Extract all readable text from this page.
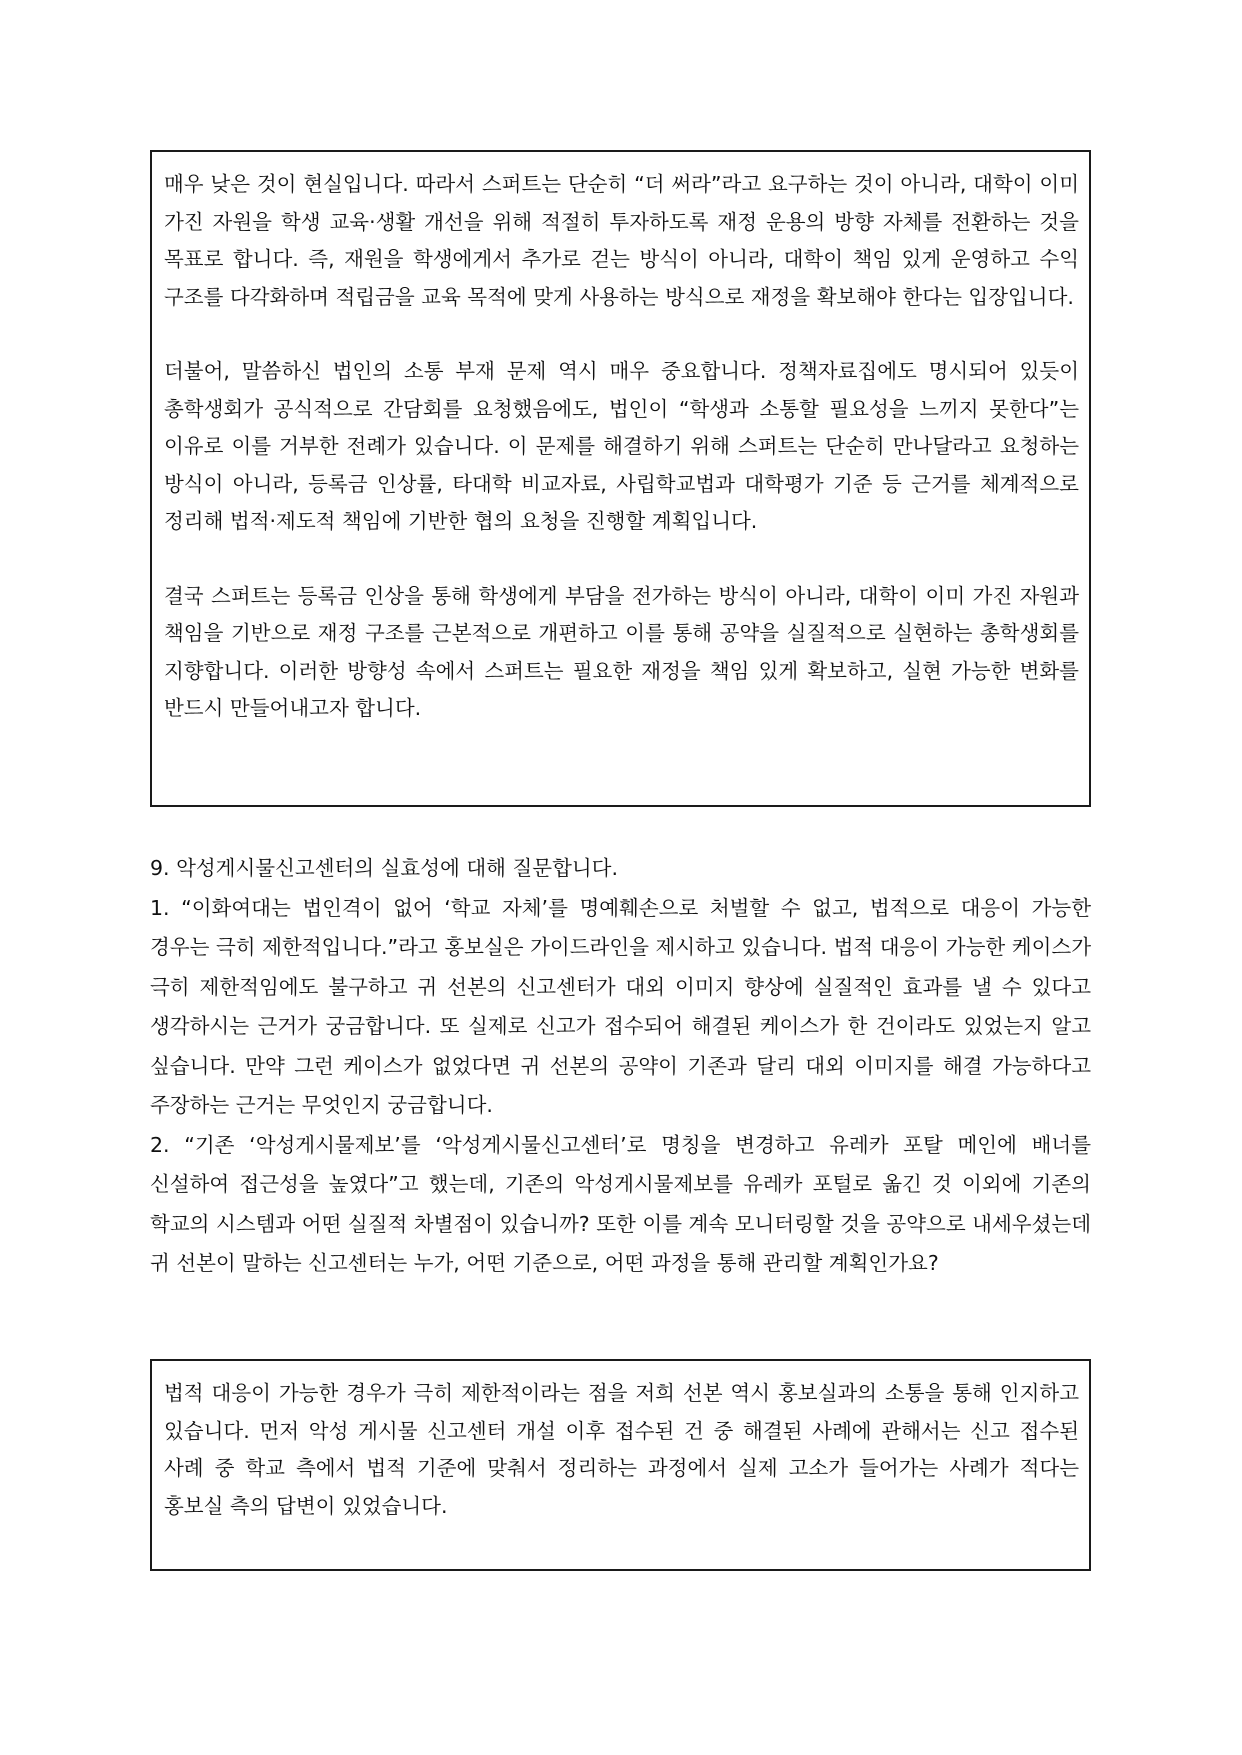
매우 낮은 것이 현실입니다. 따라서 스퍼트는 단순히 “더 써라”라고 요구하는 것이 아니라, 대학이 이미 가진 자원을 학생 교육·생활 개선을 위해 적절히 투자하도록 재정 운용의 방향 자체를 전환하는 것을 목표로 합니다. 즉, 재원을 학생에게서 추가로 걷는 방식이 아니라, 대학이 책임 있게 운영하고 수익 구조를 다각화하며 적립금을 교육 목적에 맞게 사용하는 방식으로 재정을 확보해야 한다는 입장입니다.

더불어, 말씀하신 법인의 소통 부재 문제 역시 매우 중요합니다. 정책자료집에도 명시되어 있듯이 총학생회가 공식적으로 간담회를 요청했음에도, 법인이 “학생과 소통할 필요성을 느끼지 못한다”는 이유로 이를 거부한 전례가 있습니다. 이 문제를 해결하기 위해 스퍼트는 단순히 만나달라고 요청하는 방식이 아니라, 등록금 인상률, 타대학 비교자료, 사립학교법과 대학평가 기준 등 근거를 체계적으로 정리해 법적·제도적 책임에 기반한 협의 요청을 진행할 계획입니다.

결국 스퍼트는 등록금 인상을 통해 학생에게 부담을 전가하는 방식이 아니라, 대학이 이미 가진 자원과 책임을 기반으로 재정 구조를 근본적으로 개편하고 이를 통해 공약을 실질적으로 실현하는 총학생회를 지향합니다. 이러한 방향성 속에서 스퍼트는 필요한 재정을 책임 있게 확보하고, 실현 가능한 변화를 반드시 만들어내고자 합니다.

9. 악성게시물신고센터의 실효성에 대해 질문합니다.

1. “이화여대는 법인격이 없어 ‘학교 자체’를 명예훼손으로 처벌할 수 없고, 법적으로 대응이 가능한 경우는 극히 제한적입니다.”라고 홍보실은 가이드라인을 제시하고 있습니다. 법적 대응이 가능한 케이스가 극히 제한적임에도 불구하고 귀 선본의 신고센터가 대외 이미지 향상에 실질적인 효과를 낼 수 있다고 생각하시는 근거가 궁금합니다. 또 실제로 신고가 접수되어 해결된 케이스가 한 건이라도 있었는지 알고 싶습니다. 만약 그런 케이스가 없었다면 귀 선본의 공약이 기존과 달리 대외 이미지를 해결 가능하다고 주장하는 근거는 무엇인지 궁금합니다.

2. “기존 ‘악성게시물제보’를 ‘악성게시물신고센터’로 명칭을 변경하고 유레카 포탈 메인에 배너를 신설하여 접근성을 높였다”고 했는데, 기존의 악성게시물제보를 유레카 포털로 옮긴 것 이외에 기존의 학교의 시스템과 어떤 실질적 차별점이 있습니까? 또한 이를 계속 모니터링할 것을 공약으로 내세우셨는데 귀 선본이 말하는 신고센터는 누가, 어떤 기준으로, 어떤 과정을 통해 관리할 계획인가요?

법적 대응이 가능한 경우가 극히 제한적이라는 점을 저희 선본 역시 홍보실과의 소통을 통해 인지하고 있습니다. 먼저 악성 게시물 신고센터 개설 이후 접수된 건 중 해결된 사례에 관해서는 신고 접수된 사례 중 학교 측에서 법적 기준에 맞춰서 정리하는 과정에서 실제 고소가 들어가는 사례가 적다는 홍보실 측의 답변이 있었습니다.
